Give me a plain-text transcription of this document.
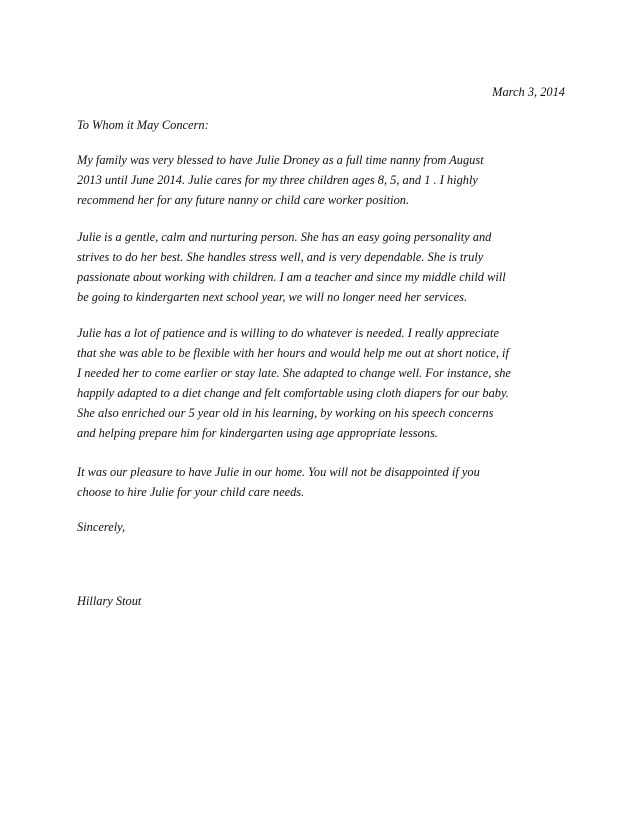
March 3, 2014
To Whom it May Concern:
My family was very blessed to have Julie Droney as a full time nanny from August
2013 until June 2014. Julie cares for my three children ages 8, 5, and 1 . I highly
recommend her for any future nanny or child care worker position.
Julie is a gentle, calm and nurturing person. She has an easy going personality and
strives to do her best. She handles stress well, and is very dependable. She is truly
passionate about working with children. I am a teacher and since my middle child will
be going to kindergarten next school year, we will no longer need her services.
Julie has a lot of patience and is willing to do whatever is needed. I really appreciate
that she was able to be flexible with her hours and would help me out at short notice, if
I needed her to come earlier or stay late. She adapted to change well. For instance, she
happily adapted to a diet change and felt comfortable using cloth diapers for our baby.
She also enriched our 5 year old in his learning, by working on his speech concerns
and helping prepare him for kindergarten using age appropriate lessons.
It was our pleasure to have Julie in our home. You will not be disappointed if you
choose to hire Julie for your child care needs.
Sincerely,
Hillary Stout
